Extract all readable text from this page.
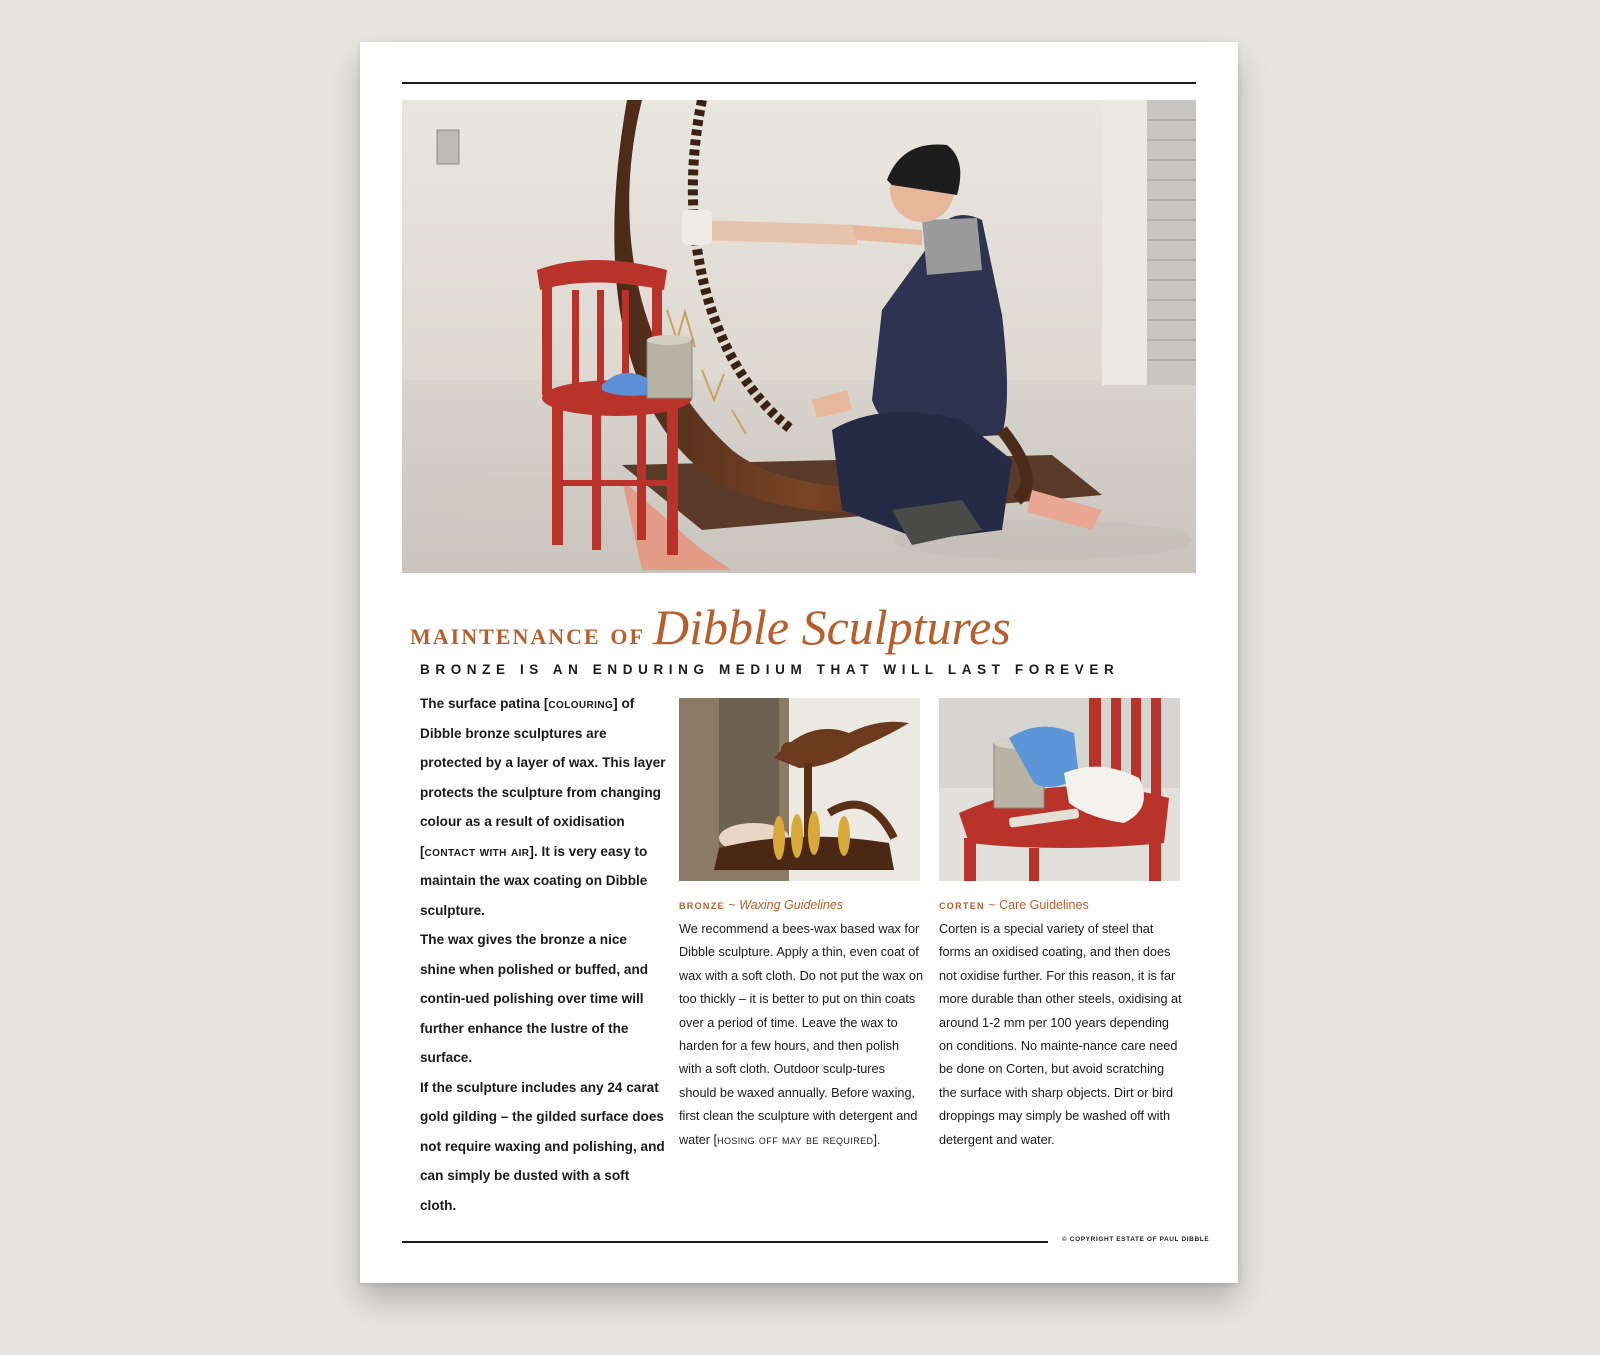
maintenance of Dibble Sculptures
BRONZE IS AN ENDURING MEDIUM THAT WILL LAST FOREVER

The surface patina [colouring] of Dibble bronze sculptures are protected by a layer of wax. This layer protects the sculpture from changing colour as a result of oxidisation [contact with air]. It is very easy to maintain the wax coating on Dibble sculpture.

The wax gives the bronze a nice shine when polished or buffed, and contin-ued polishing over time will further enhance the lustre of the surface.

If the sculpture includes any 24 carat gold gilding – the gilded surface does not require waxing and polishing, and can simply be dusted with a soft cloth.

bronze ~ Waxing Guidelines	corten ~ Care Guidelines

We recommend a bees-wax based wax for Dibble sculpture. Apply a thin, even coat of wax with a soft cloth. Do not put the wax on too thickly – it is better to put on thin coats over a period of time. Leave the wax to harden for a few hours, and then polish with a soft cloth. Outdoor sculp-tures should be waxed annually. Before waxing, first clean the sculpture with detergent and water [hosing off may be required].

Corten is a special variety of steel that forms an oxidised coating, and then does not oxidise further. For this reason, it is far more durable than other steels, oxidising at around 1-2 mm per 100 years depending on conditions. No mainte-nance care need be done on Corten, but avoid scratching the surface with sharp objects. Dirt or bird droppings may simply be washed off with detergent and water.

© COPYRIGHT ESTATE OF PAUL DIBBLE
